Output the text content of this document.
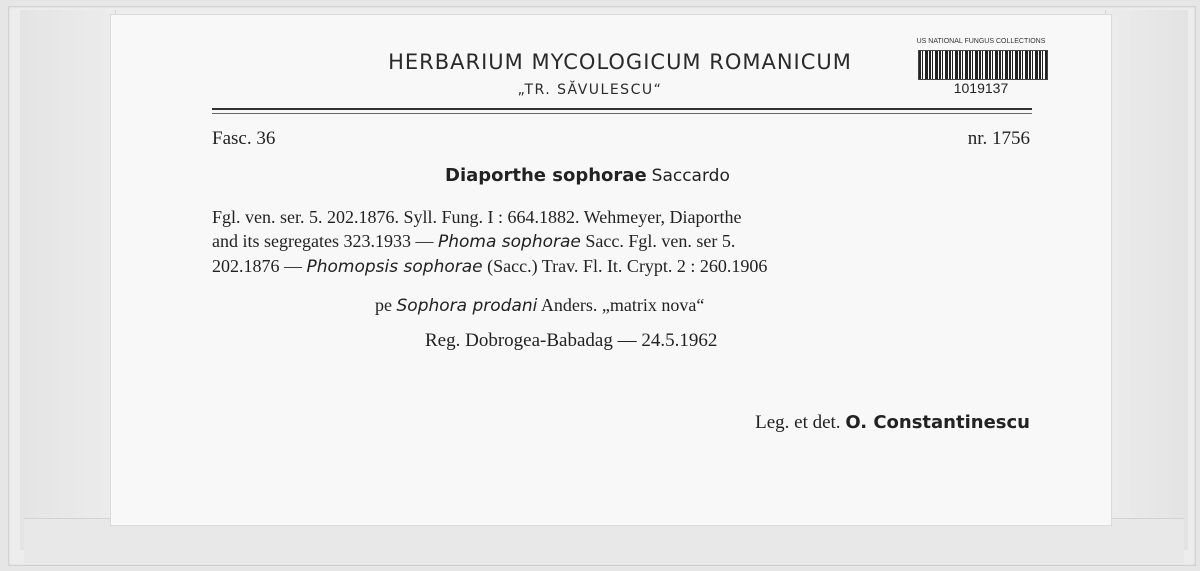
HERBARIUM MYCOLOGICUM ROMANICUM
„TR. SĂVULESCU“
US NATIONAL FUNGUS COLLECTIONS
1019137
Fasc. 36	nr. 1756
Diaporthe sophorae Saccardo
Fgl. ven. ser. 5. 202.1876. Syll. Fung. I : 664.1882. Wehmeyer, Diaporthe
and its segregates 323.1933 — Phoma sophorae Sacc. Fgl. ven. ser 5.
202.1876 — Phomopsis sophorae (Sacc.) Trav. Fl. It. Crypt. 2 : 260.1906
pe Sophora prodani Anders. „matrix nova“
Reg. Dobrogea-Babadag — 24.5.1962
Leg. et det. O. Constantinescu
